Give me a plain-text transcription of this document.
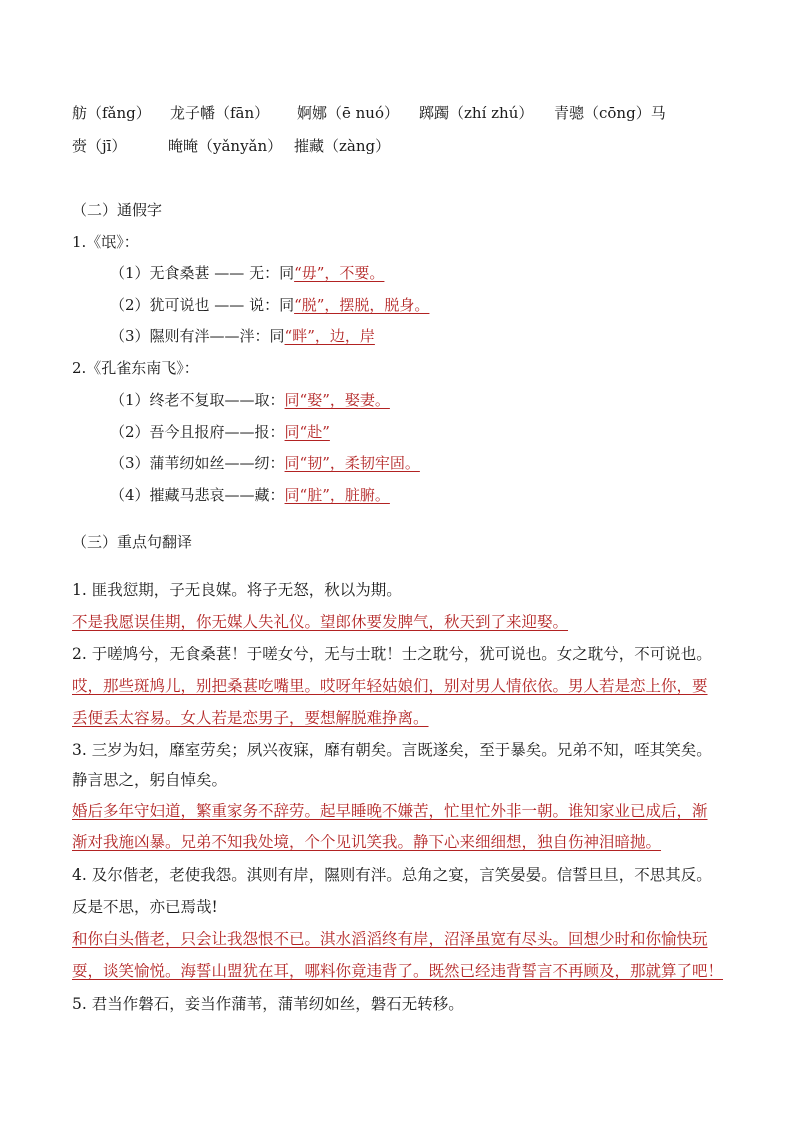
舫（fǎng） 龙子幡（fān） 婀娜（ē nuó） 踯躅（zhí zhú） 青骢（cōng）马
赍（jī）	晻晻（yǎnyǎn） 摧藏（zàng）
（二）通假字
1.《氓》：
（1）无食桑葚 —— 无：同“毋”，不要。
（2）犹可说也 —— 说：同“脱”，摆脱，脱身。
（3）隰则有泮——泮：同“畔”，边，岸
2.《孔雀东南飞》：
（1）终老不复取——取：同“娶”，娶妻。
（2）吾今且报府——报：同“赴”
（3）蒲苇纫如丝——纫：同“韧”，柔韧牢固。
（4）摧藏马悲哀——藏：同“脏”，脏腑。
（三）重点句翻译
1. 匪我愆期，子无良媒。将子无怒，秋以为期。
不是我愿误佳期，你无媒人失礼仪。望郎休要发脾气，秋天到了来迎娶。
2. 于嗟鸠兮，无食桑葚！于嗟女兮，无与士耽！士之耽兮，犹可说也。女之耽兮，不可说也。
哎，那些斑鸠儿，别把桑葚吃嘴里。哎呀年轻姑娘们，别对男人情依依。男人若是恋上你，要
丢便丢太容易。女人若是恋男子，要想解脱难挣离。
3. 三岁为妇，靡室劳矣；夙兴夜寐，靡有朝矣。言既遂矣，至于暴矣。兄弟不知，咥其笑矣。
静言思之，躬自悼矣。
婚后多年守妇道，繁重家务不辞劳。起早睡晚不嫌苦，忙里忙外非一朝。谁知家业已成后，渐
渐对我施凶暴。兄弟不知我处境，个个见讥笑我。静下心来细细想，独自伤神泪暗抛。
4. 及尔偕老，老使我怨。淇则有岸，隰则有泮。总角之宴，言笑晏晏。信誓旦旦，不思其反。
反是不思，亦已焉哉!
和你白头偕老，只会让我怨恨不已。淇水滔滔终有岸，沼泽虽宽有尽头。回想少时和你愉快玩
耍，谈笑愉悦。海誓山盟犹在耳，哪料你竟违背了。既然已经违背誓言不再顾及，那就算了吧！
5. 君当作磐石，妾当作蒲苇，蒲苇纫如丝，磐石无转移。
